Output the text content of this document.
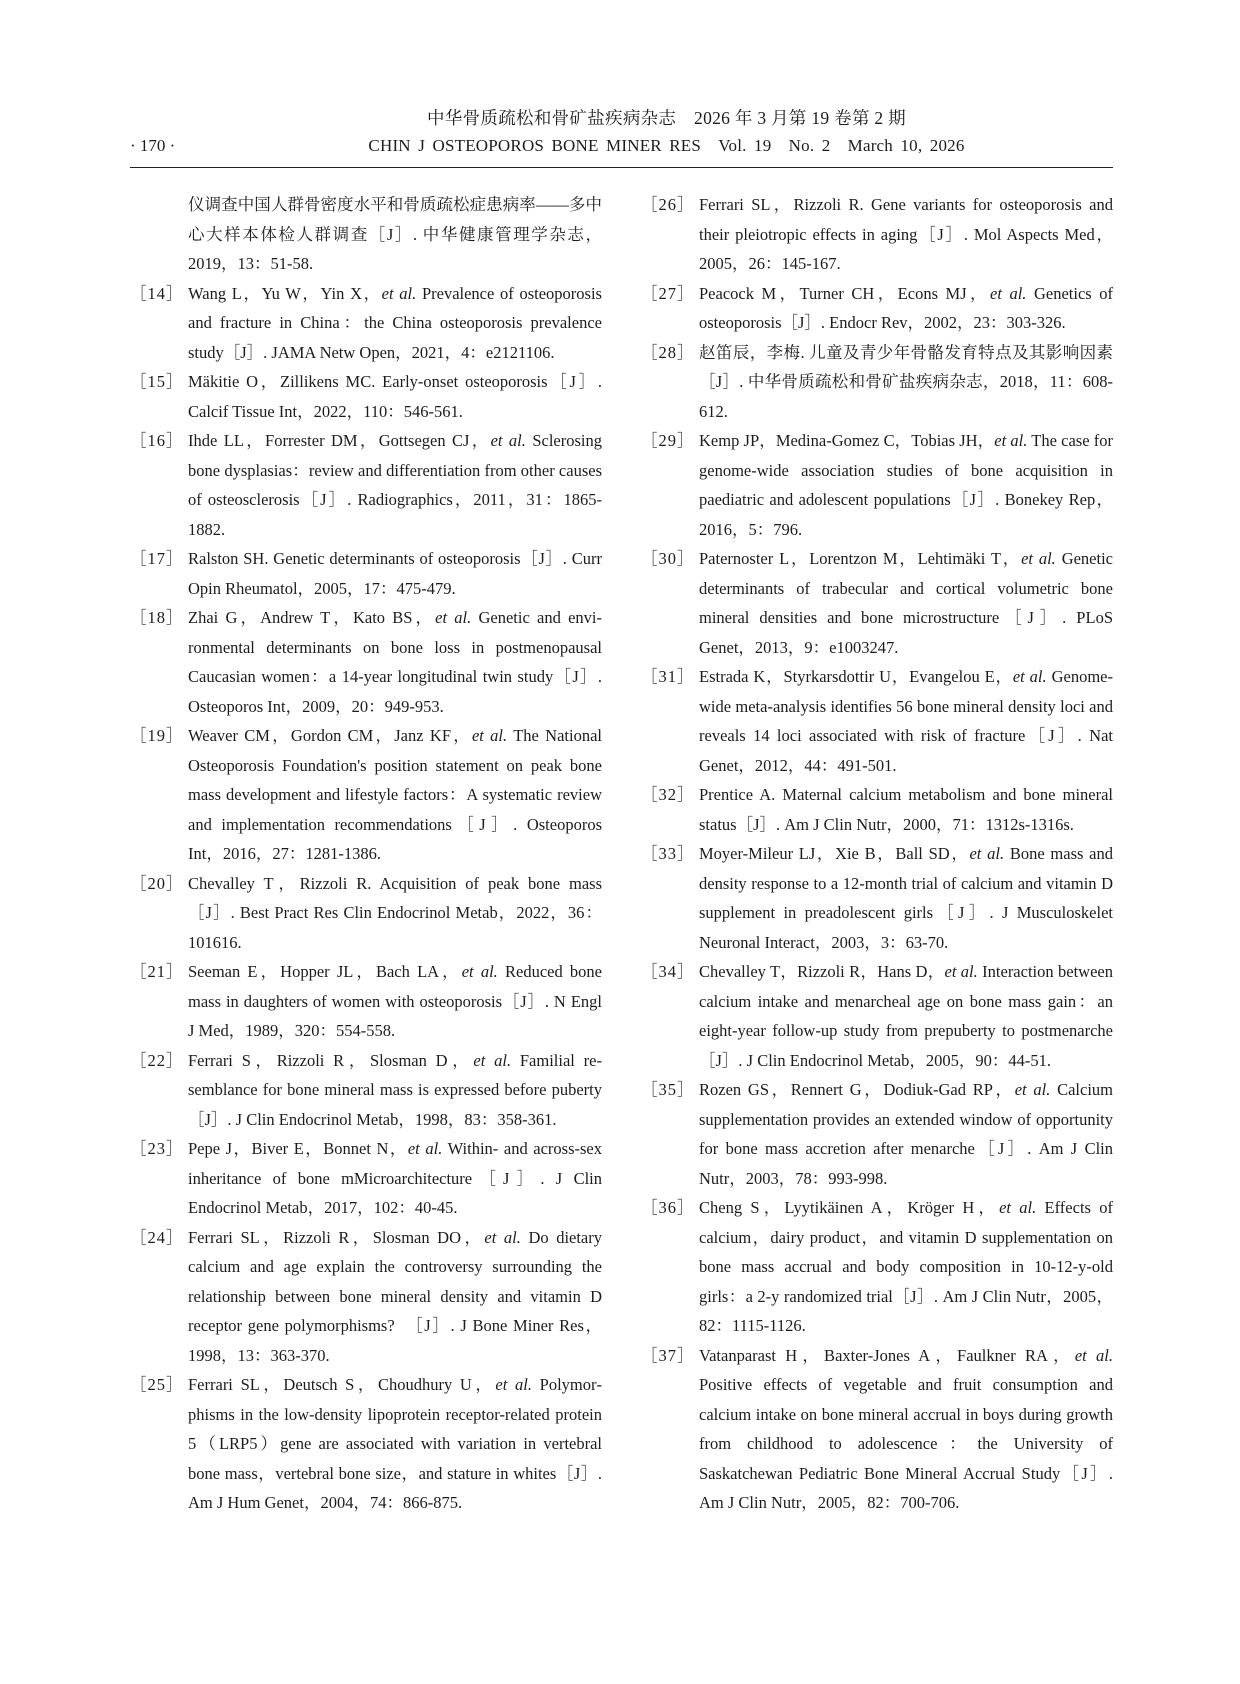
中华骨质疏松和骨矿盐疾病杂志　2026 年 3 月第 19 卷第 2 期
· 170 ·	CHIN J OSTEOPOROS BONE MINER RES　Vol. 19　No. 2　March 10, 2026
仪调查中国人群骨密度水平和骨质疏松症患病率——多中心大样本体检人群调查［J］. 中华健康管理学杂志，2019，13：51-58.
［14］ Wang L，Yu W，Yin X，et al. Prevalence of osteoporosis and fracture in China：the China osteoporosis prevalence study［J］. JAMA Netw Open，2021，4：e2121106.
［15］ Mäkitie O，Zillikens MC. Early-onset osteoporosis［J］. Calcif Tissue Int，2022，110：546-561.
［16］ Ihde LL，Forrester DM，Gottsegen CJ，et al. Sclerosing bone dysplasias：review and differentiation from other causes of osteosclerosis［J］. Radiographics，2011，31：1865-1882.
［17］ Ralston SH. Genetic determinants of osteoporosis［J］. Curr Opin Rheumatol，2005，17：475-479.
［18］ Zhai G，Andrew T，Kato BS，et al. Genetic and environmental determinants on bone loss in postmenopausal Caucasian women：a 14-year longitudinal twin study［J］. Osteoporos Int，2009，20：949-953.
［19］ Weaver CM，Gordon CM，Janz KF，et al. The National Osteoporosis Foundation's position statement on peak bone mass development and lifestyle factors：A systematic review and implementation recommendations［J］. Osteoporos Int，2016，27：1281-1386.
［20］ Chevalley T，Rizzoli R. Acquisition of peak bone mass［J］. Best Pract Res Clin Endocrinol Metab，2022，36：101616.
［21］ Seeman E，Hopper JL，Bach LA，et al. Reduced bone mass in daughters of women with osteoporosis［J］. N Engl J Med，1989，320：554-558.
［22］ Ferrari S，Rizzoli R，Slosman D，et al. Familial resemblance for bone mineral mass is expressed before puberty［J］. J Clin Endocrinol Metab，1998，83：358-361.
［23］ Pepe J，Biver E，Bonnet N，et al. Within- and across-sex inheritance of bone mMicroarchitecture［J］. J Clin Endocrinol Metab，2017，102：40-45.
［24］ Ferrari SL，Rizzoli R，Slosman DO，et al. Do dietary calcium and age explain the controversy surrounding the relationship between bone mineral density and vitamin D receptor gene polymorphisms?　［J］. J Bone Miner Res，1998，13：363-370.
［25］ Ferrari SL，Deutsch S，Choudhury U，et al. Polymorphisms in the low-density lipoprotein receptor-related protein 5（LRP5）gene are associated with variation in vertebral bone mass，vertebral bone size，and stature in whites［J］. Am J Hum Genet，2004，74：866-875.
［26］ Ferrari SL，Rizzoli R. Gene variants for osteoporosis and their pleiotropic effects in aging［J］. Mol Aspects Med，2005，26：145-167.
［27］ Peacock M，Turner CH，Econs MJ，et al. Genetics of osteoporosis［J］. Endocr Rev，2002，23：303-326.
［28］ 赵笛辰，李梅. 儿童及青少年骨骼发育特点及其影响因素［J］. 中华骨质疏松和骨矿盐疾病杂志，2018，11：608-612.
［29］ Kemp JP，Medina-Gomez C，Tobias JH，et al. The case for genome-wide association studies of bone acquisition in paediatric and adolescent populations［J］. Bonekey Rep，2016，5：796.
［30］ Paternoster L，Lorentzon M，Lehtimäki T，et al. Genetic determinants of trabecular and cortical volumetric bone mineral densities and bone microstructure［J］. PLoS Genet，2013，9：e1003247.
［31］ Estrada K，Styrkarsdottir U，Evangelou E，et al. Genome-wide meta-analysis identifies 56 bone mineral density loci and reveals 14 loci associated with risk of fracture［J］. Nat Genet，2012，44：491-501.
［32］ Prentice A. Maternal calcium metabolism and bone mineral status［J］. Am J Clin Nutr，2000，71：1312s-1316s.
［33］ Moyer-Mileur LJ，Xie B，Ball SD，et al. Bone mass and density response to a 12-month trial of calcium and vitamin D supplement in preadolescent girls［J］. J Musculoskelet Neuronal Interact，2003，3：63-70.
［34］ Chevalley T，Rizzoli R，Hans D，et al. Interaction between calcium intake and menarcheal age on bone mass gain：an eight-year follow-up study from prepuberty to postmenarche［J］. J Clin Endocrinol Metab，2005，90：44-51.
［35］ Rozen GS，Rennert G，Dodiuk-Gad RP，et al. Calcium supplementation provides an extended window of opportunity for bone mass accretion after menarche［J］. Am J Clin Nutr，2003，78：993-998.
［36］ Cheng S，Lyytikäinen A，Kröger H，et al. Effects of calcium，dairy product，and vitamin D supplementation on bone mass accrual and body composition in 10-12-y-old girls：a 2-y randomized trial［J］. Am J Clin Nutr，2005，82：1115-1126.
［37］ Vatanparast H，Baxter-Jones A，Faulkner RA，et al. Positive effects of vegetable and fruit consumption and calcium intake on bone mineral accrual in boys during growth from childhood to adolescence：the University of Saskatchewan Pediatric Bone Mineral Accrual Study［J］. Am J Clin Nutr，2005，82：700-706.
